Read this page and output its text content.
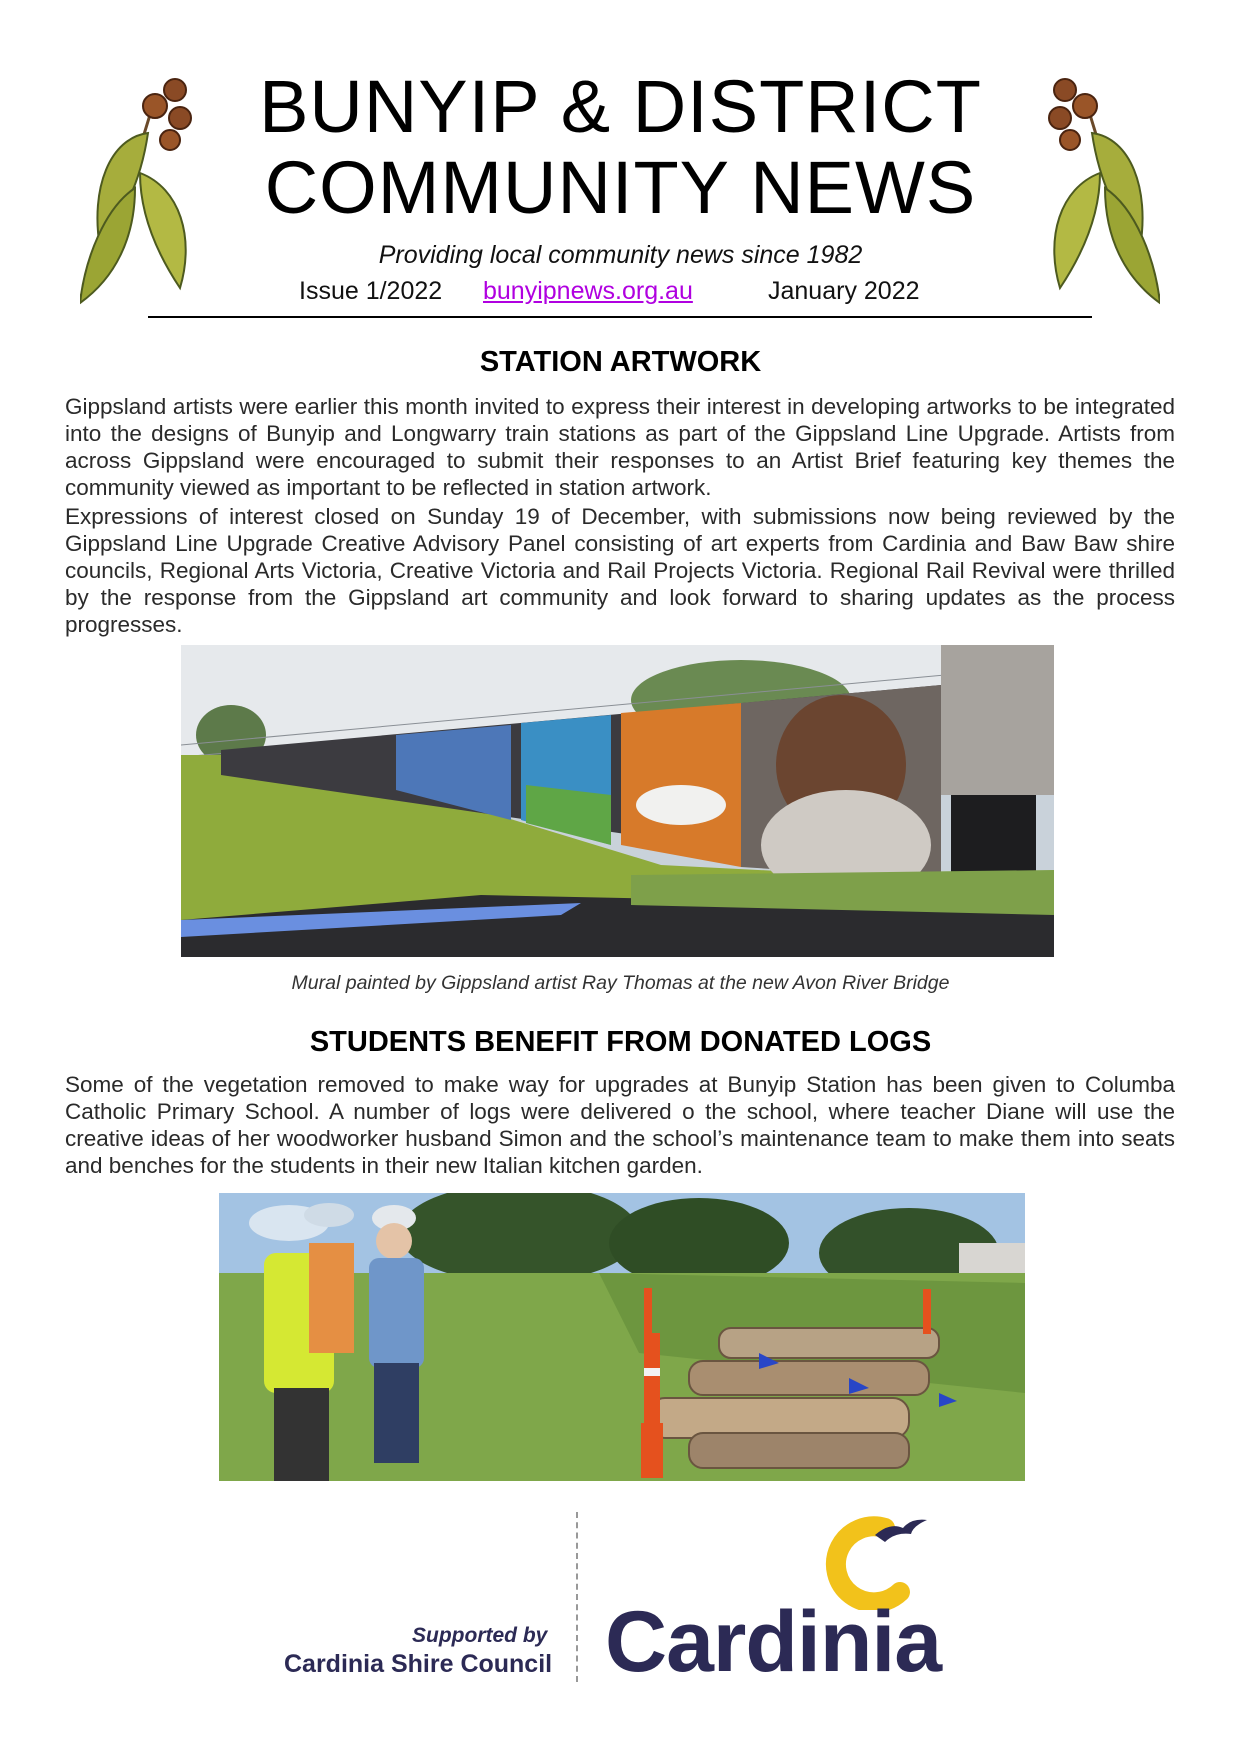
BUNYIP & DISTRICT
COMMUNITY NEWS
Providing local community news since 1982
Issue 1/2022 bunyipnews.org.au	January 2022
STATION ARTWORK

Gippsland artists were earlier this month invited to express their interest in developing artworks to be integrated into the designs of Bunyip and Longwarry train stations as part of the Gippsland Line Upgrade. Artists from across Gippsland were encouraged to submit their responses to an Artist Brief featuring key themes the community viewed as important to be reflected in station artwork.

Expressions of interest closed on Sunday 19 of December, with submissions now being reviewed by the Gippsland Line Upgrade Creative Advisory Panel consisting of art experts from Cardinia and Baw Baw shire councils, Regional Arts Victoria, Creative Victoria and Rail Projects Victoria. Regional Rail Revival were thrilled by the response from the Gippsland art community and look forward to sharing updates as the process progresses.

Mural painted by Gippsland artist Ray Thomas at the new Avon River Bridge
STUDENTS BENEFIT FROM DONATED LOGS

Some of the vegetation removed to make way for upgrades at Bunyip Station has been given to Columba Catholic Primary School. A number of logs were delivered o the school, where teacher Diane will use the creative ideas of her woodworker husband Simon and the school’s maintenance team to make them into seats and benches for the students in their new Italian kitchen garden.

Supported by
Cardinia Shire Council Cardinia
